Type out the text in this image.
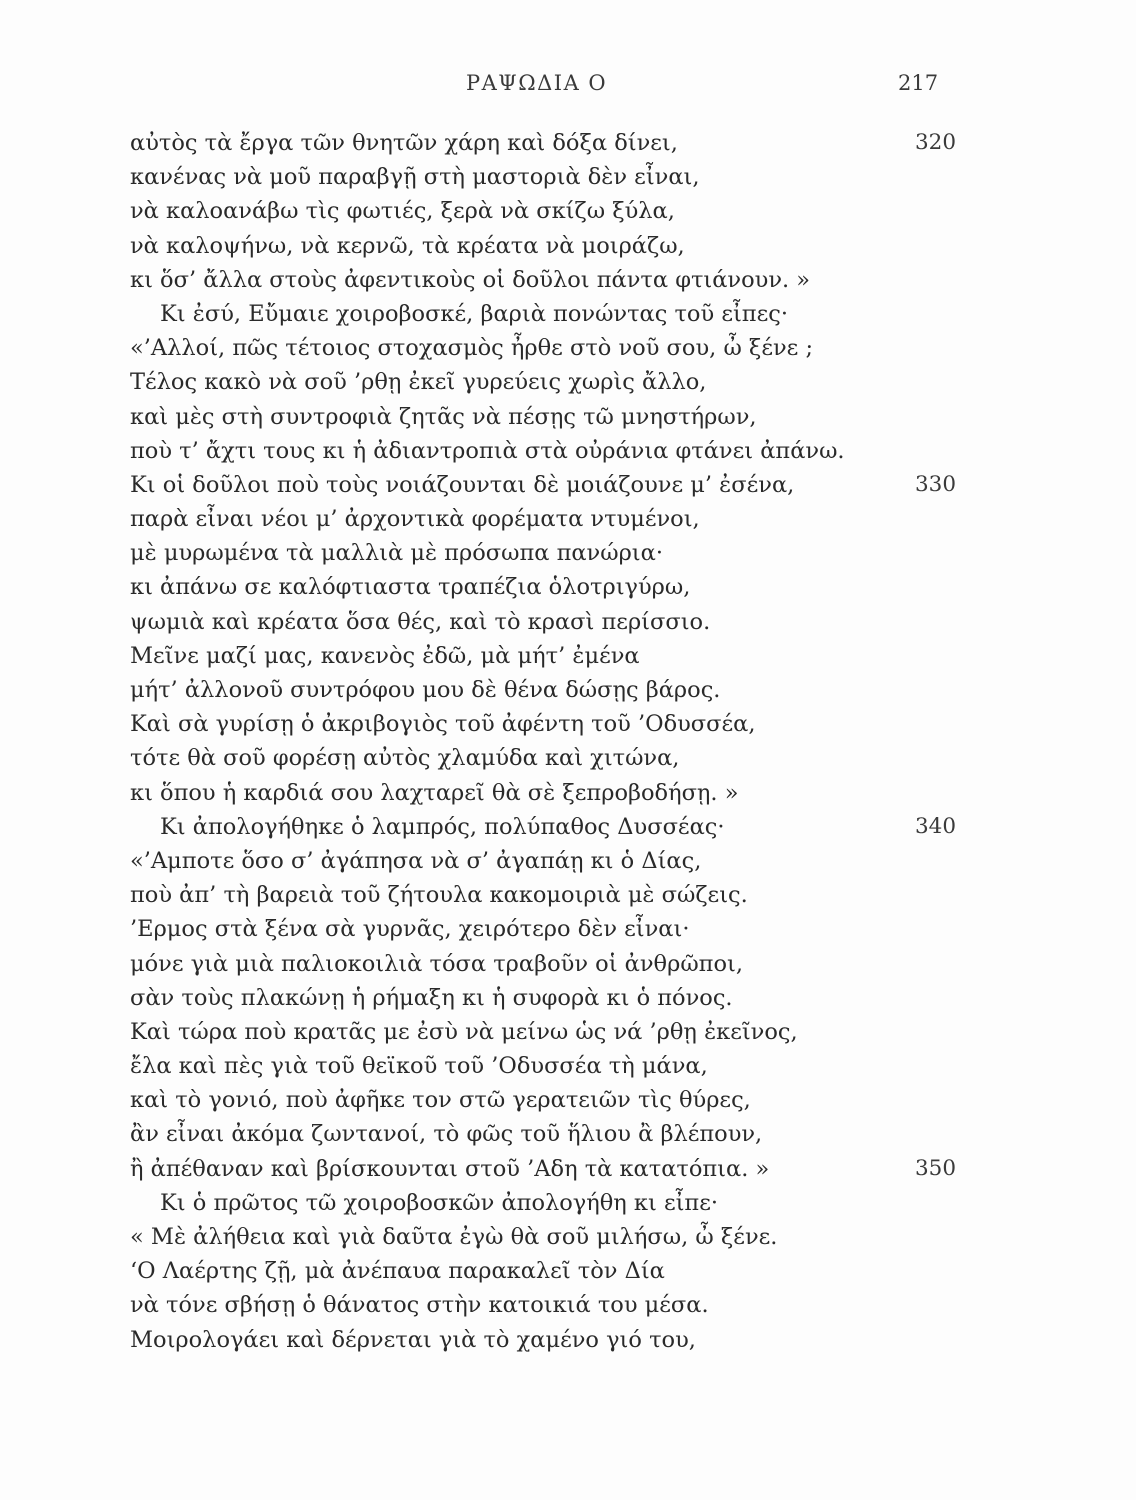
ΡΑΨΩΔΙΑ Ο	217
αὐτὸς τὰ ἔργα τῶν θνητῶν χάρη καὶ δόξα δίνει,	320
κανένας νὰ μοῦ παραβγῇ στὴ μαστοριὰ δὲν εἶναι,
νὰ καλοανάβω τὶς φωτιές, ξερὰ νὰ σκίζω ξύλα,
νὰ καλοψήνω, νὰ κερνῶ, τὰ κρέατα νὰ μοιράζω,
κι ὅσ’ ἄλλα στοὺς ἀφεντικοὺς οἱ δοῦλοι πάντα φτιάνουν. »
Κι ἐσύ, Εὔμαιε χοιροβοσκέ, βαριὰ πονώντας τοῦ εἶπες·
«’Αλλοί, πῶς τέτοιος στοχασμὸς ἦρθε στὸ νοῦ σου, ὦ ξένε ;
Τέλος κακὸ νὰ σοῦ ’ρθῃ ἐκεῖ γυρεύεις χωρὶς ἄλλο,
καὶ μὲς στὴ συντροφιὰ ζητᾶς νὰ πέσῃς τῶ μνηστήρων,
ποὺ τ’ ἄχτι τους κι ἡ ἀδιαντροπιὰ στὰ οὐράνια φτάνει ἀπάνω.
Κι οἱ δοῦλοι ποὺ τοὺς νοιάζουνται δὲ μοιάζουνε μ’ ἐσένα,	330
παρὰ εἶναι νέοι μ’ ἀρχοντικὰ φορέματα ντυμένοι,
μὲ μυρωμένα τὰ μαλλιὰ μὲ πρόσωπα πανώρια·
κι ἀπάνω σε καλόφτιαστα τραπέζια ὁλοτριγύρω,
ψωμιὰ καὶ κρέατα ὅσα θές, καὶ τὸ κρασὶ περίσσιο.
Μεῖνε μαζί μας, κανενὸς ἐδῶ, μὰ μήτ’ ἐμένα
μήτ’ ἀλλονοῦ συντρόφου μου δὲ θένα δώσῃς βάρος.
Καὶ σὰ γυρίσῃ ὁ ἀκριβογιὸς τοῦ ἀφέντη τοῦ ’Οδυσσέα,
τότε θὰ σοῦ φορέσῃ αὐτὸς χλαμύδα καὶ χιτώνα,
κι ὅπου ἡ καρδιά σου λαχταρεῖ θὰ σὲ ξεπροβοδήσῃ. »
Κι ἀπολογήθηκε ὁ λαμπρός, πολύπαθος Δυσσέας·	340
«’Αμποτε ὅσο σ’ ἀγάπησα νὰ σ’ ἀγαπάῃ κι ὁ Δίας,
ποὺ ἀπ’ τὴ βαρειὰ τοῦ ζήτουλα κακομοιριὰ μὲ σώζεις.
’Ερμος στὰ ξένα σὰ γυρνᾶς, χειρότερο δὲν εἶναι·
μόνε γιὰ μιὰ παλιοκοιλιὰ τόσα τραβοῦν οἱ ἀνθρῶποι,
σὰν τοὺς πλακώνῃ ἡ ρήμαξη κι ἡ συφορὰ κι ὁ πόνος.
Καὶ τώρα ποὺ κρατᾶς με ἐσὺ νὰ μείνω ὡς νά ’ρθῃ ἐκεῖνος,
ἔλα καὶ πὲς γιὰ τοῦ θεϊκοῦ τοῦ ’Οδυσσέα τὴ μάνα,
καὶ τὸ γονιό, ποὺ ἀφῆκε τον στῶ γερατειῶν τὶς θύρες,
ἂν εἶναι ἀκόμα ζωντανοί, τὸ φῶς τοῦ ἥλιου ἂ βλέπουν,
ἢ ἀπέθαναν καὶ βρίσκουνται στοῦ ’Αδη τὰ κατατόπια. »	350
Κι ὁ πρῶτος τῶ χοιροβοσκῶν ἀπολογήθη κι εἶπε·
« Μὲ ἀλήθεια καὶ γιὰ δαῦτα ἐγὼ θὰ σοῦ μιλήσω, ὦ ξένε.
‘Ο Λαέρτης ζῇ, μὰ ἀνέπαυα παρακαλεῖ τὸν Δία
νὰ τόνε σβήσῃ ὁ θάνατος στὴν κατοικιά του μέσα.
Μοιρολογάει καὶ δέρνεται γιὰ τὸ χαμένο γιό του,
